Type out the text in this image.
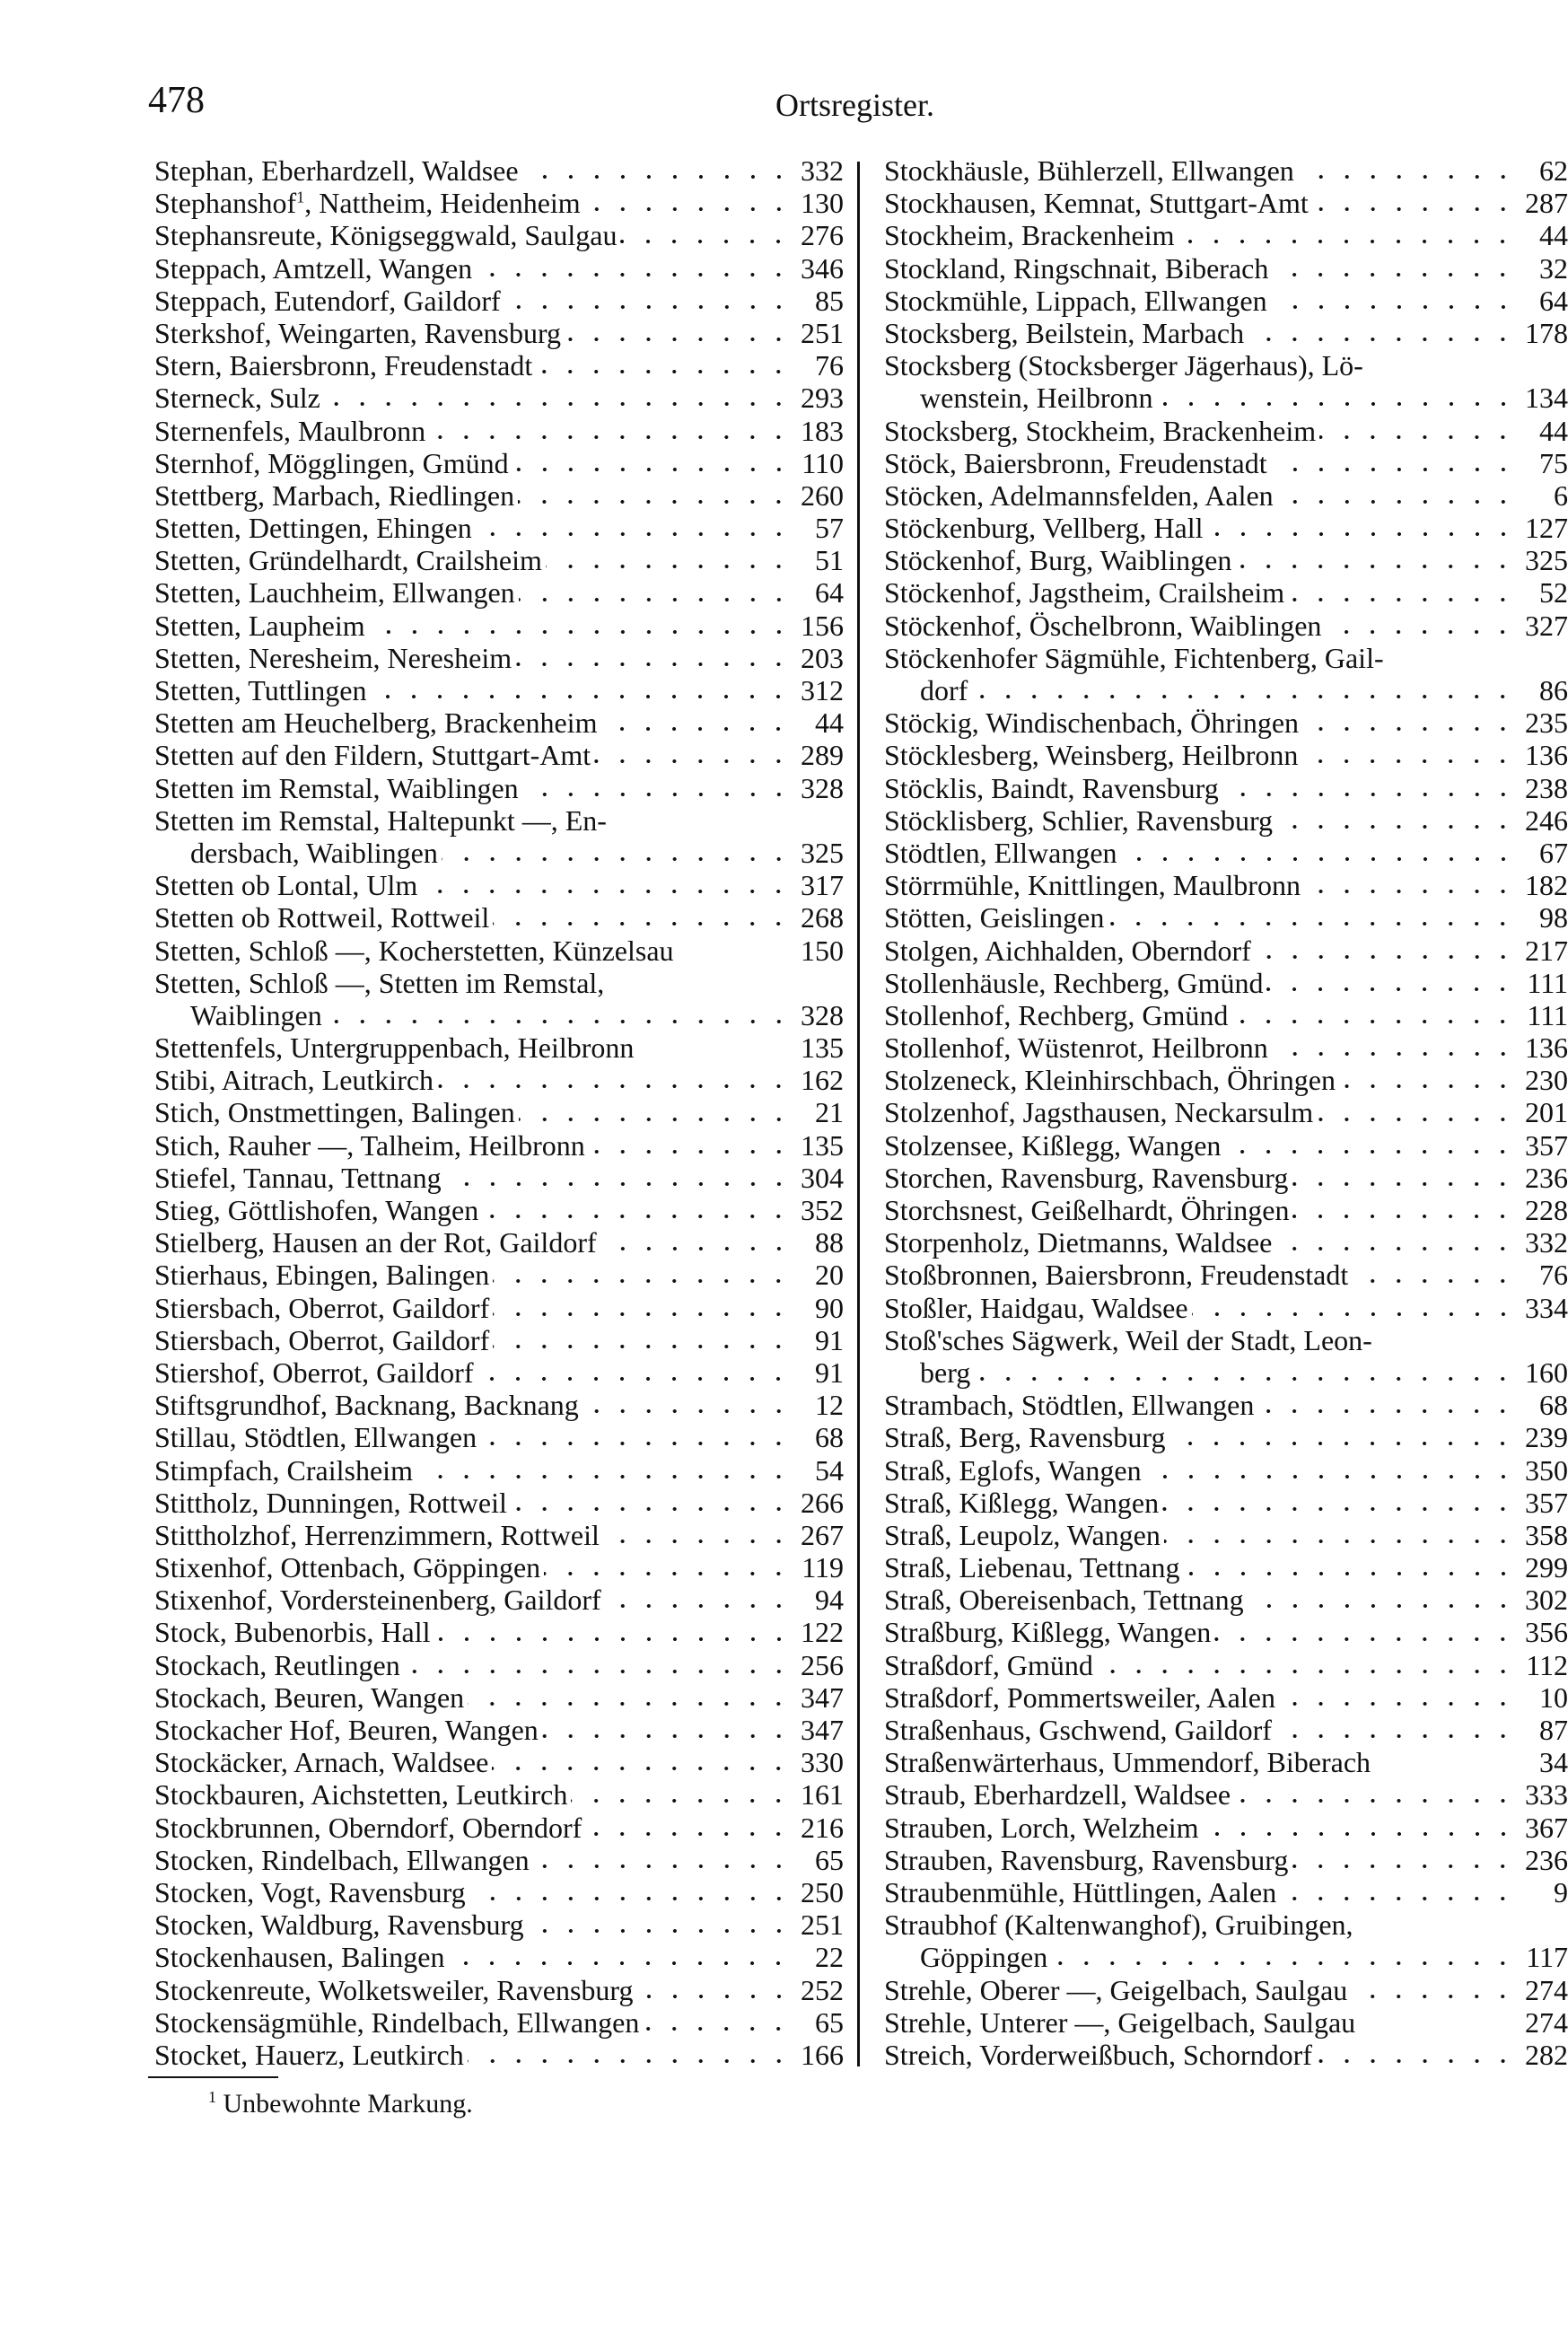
478	Ortsregister.
Stephan, Eberhardzell, Waldsee	332
Stephanshof$^1$, Nattheim, Heidenheim	130
Stephansreute, Königseggwald, Saulgau	276
Steppach, Amtzell, Wangen	346
Steppach, Eutendorf, Gaildorf	85
Sterkshof, Weingarten, Ravensburg	251
Stern, Baiersbronn, Freudenstadt	76
Sterneck, Sulz	293
Sternenfels, Maulbronn	183
Sternhof, Mögglingen, Gmünd	110
Stettberg, Marbach, Riedlingen	260
Stetten, Dettingen, Ehingen	57
Stetten, Gründelhardt, Crailsheim	51
Stetten, Lauchheim, Ellwangen	64
Stetten, Laupheim	156
Stetten, Neresheim, Neresheim	203
Stetten, Tuttlingen	312
Stetten am Heuchelberg, Brackenheim	44
Stetten auf den Fildern, Stuttgart-Amt	289
Stetten im Remstal, Waiblingen	328
Stetten im Remstal, Haltepunkt —, En-
dersbach, Waiblingen	325
Stetten ob Lontal, Ulm	317
Stetten ob Rottweil, Rottweil	268
Stetten, Schloß —, Kocherstetten, Künzelsau	150
Stetten, Schloß —, Stetten im Remstal,
Waiblingen	328
Stettenfels, Untergruppenbach, Heilbronn	135
Stibi, Aitrach, Leutkirch	162
Stich, Onstmettingen, Balingen	21
Stich, Rauher —, Talheim, Heilbronn	135
Stiefel, Tannau, Tettnang	304
Stieg, Göttlishofen, Wangen	352
Stielberg, Hausen an der Rot, Gaildorf	88
Stierhaus, Ebingen, Balingen	20
Stiersbach, Oberrot, Gaildorf	90
Stiersbach, Oberrot, Gaildorf	91
Stiershof, Oberrot, Gaildorf	91
Stiftsgrundhof, Backnang, Backnang	12
Stillau, Stödtlen, Ellwangen	68
Stimpfach, Crailsheim	54
Stittholz, Dunningen, Rottweil	266
Stittholzhof, Herrenzimmern, Rottweil	267
Stixenhof, Ottenbach, Göppingen	119
Stixenhof, Vordersteinenberg, Gaildorf	94
Stock, Bubenorbis, Hall	122
Stockach, Reutlingen	256
Stockach, Beuren, Wangen	347
Stockacher Hof, Beuren, Wangen	347
Stockäcker, Arnach, Waldsee	330
Stockbauren, Aichstetten, Leutkirch	161
Stockbrunnen, Oberndorf, Oberndorf	216
Stocken, Rindelbach, Ellwangen	65
Stocken, Vogt, Ravensburg	250
Stocken, Waldburg, Ravensburg	251
Stockenhausen, Balingen	22
Stockenreute, Wolketsweiler, Ravensburg	252
Stockensägmühle, Rindelbach, Ellwangen	65
Stocket, Hauerz, Leutkirch	166
Stockhäusle, Bühlerzell, Ellwangen	62
Stockhausen, Kemnat, Stuttgart-Amt	287
Stockheim, Brackenheim	44
Stockland, Ringschnait, Biberach	32
Stockmühle, Lippach, Ellwangen	64
Stocksberg, Beilstein, Marbach	178
Stocksberg (Stocksberger Jägerhaus), Lö-
wenstein, Heilbronn	134
Stocksberg, Stockheim, Brackenheim	44
Stöck, Baiersbronn, Freudenstadt	75
Stöcken, Adelmannsfelden, Aalen	6
Stöckenburg, Vellberg, Hall	127
Stöckenhof, Burg, Waiblingen	325
Stöckenhof, Jagstheim, Crailsheim	52
Stöckenhof, Öschelbronn, Waiblingen	327
Stöckenhofer Sägmühle, Fichtenberg, Gail-
dorf	86
Stöckig, Windischenbach, Öhringen	235
Stöcklesberg, Weinsberg, Heilbronn	136
Stöcklis, Baindt, Ravensburg	238
Stöcklisberg, Schlier, Ravensburg	246
Stödtlen, Ellwangen	67
Störrmühle, Knittlingen, Maulbronn	182
Stötten, Geislingen	98
Stolgen, Aichhalden, Oberndorf	217
Stollenhäusle, Rechberg, Gmünd	111
Stollenhof, Rechberg, Gmünd	111
Stollenhof, Wüstenrot, Heilbronn	136
Stolzeneck, Kleinhirschbach, Öhringen	230
Stolzenhof, Jagsthausen, Neckarsulm	201
Stolzensee, Kißlegg, Wangen	357
Storchen, Ravensburg, Ravensburg	236
Storchsnest, Geißelhardt, Öhringen	228
Storpenholz, Dietmanns, Waldsee	332
Stoßbronnen, Baiersbronn, Freudenstadt	76
Stoßler, Haidgau, Waldsee	334
Stoß'sches Sägwerk, Weil der Stadt, Leon-
berg	160
Strambach, Stödtlen, Ellwangen	68
Straß, Berg, Ravensburg	239
Straß, Eglofs, Wangen	350
Straß, Kißlegg, Wangen	357
Straß, Leupolz, Wangen	358
Straß, Liebenau, Tettnang	299
Straß, Obereisenbach, Tettnang	302
Straßburg, Kißlegg, Wangen	356
Straßdorf, Gmünd	112
Straßdorf, Pommertsweiler, Aalen	10
Straßenhaus, Gschwend, Gaildorf	87
Straßenwärterhaus, Ummendorf, Biberach	34
Straub, Eberhardzell, Waldsee	333
Strauben, Lorch, Welzheim	367
Strauben, Ravensburg, Ravensburg	236
Straubenmühle, Hüttlingen, Aalen	9
Straubhof (Kaltenwanghof), Gruibingen,
Göppingen	117
Strehle, Oberer —, Geigelbach, Saulgau	274
Strehle, Unterer —, Geigelbach, Saulgau	274
Streich, Vorderweißbuch, Schorndorf	282
$^1$ Unbewohnte Markung.
